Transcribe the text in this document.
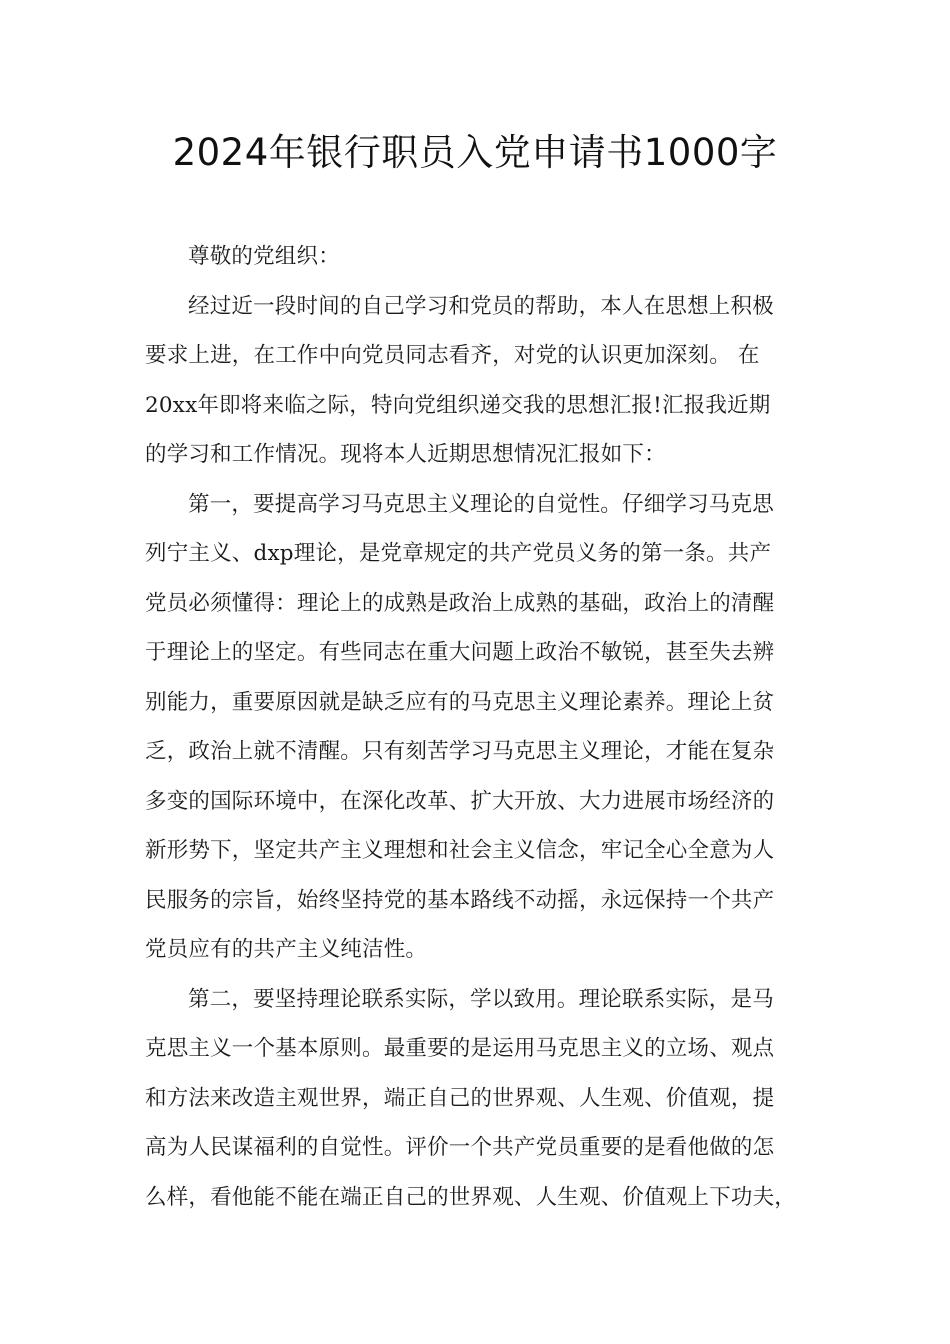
2024年银行职员入党申请书1000字
尊敬的党组织：
经过近一段时间的自己学习和党员的帮助，本人在思想上积极
要求上进，在工作中向党员同志看齐，对党的认识更加深刻。 在
20xx年即将来临之际，特向党组织递交我的思想汇报!汇报我近期
的学习和工作情况。现将本人近期思想情况汇报如下：
第一，要提高学习马克思主义理论的自觉性。仔细学习马克思
列宁主义、dxp理论，是党章规定的共产党员义务的第一条。共产
党员必须懂得：理论上的成熟是政治上成熟的基础，政治上的清醒
于理论上的坚定。有些同志在重大问题上政治不敏锐，甚至失去辨
别能力，重要原因就是缺乏应有的马克思主义理论素养。理论上贫
乏，政治上就不清醒。只有刻苦学习马克思主义理论，才能在复杂
多变的国际环境中，在深化改革、扩大开放、大力进展市场经济的
新形势下，坚定共产主义理想和社会主义信念，牢记全心全意为人
民服务的宗旨，始终坚持党的基本路线不动摇，永远保持一个共产
党员应有的共产主义纯洁性。
第二，要坚持理论联系实际，学以致用。理论联系实际，是马
克思主义一个基本原则。最重要的是运用马克思主义的立场、观点
和方法来改造主观世界，端正自己的世界观、人生观、价值观，提
高为人民谋福利的自觉性。评价一个共产党员重要的是看他做的怎
么样，看他能不能在端正自己的世界观、人生观、价值观上下功夫，
